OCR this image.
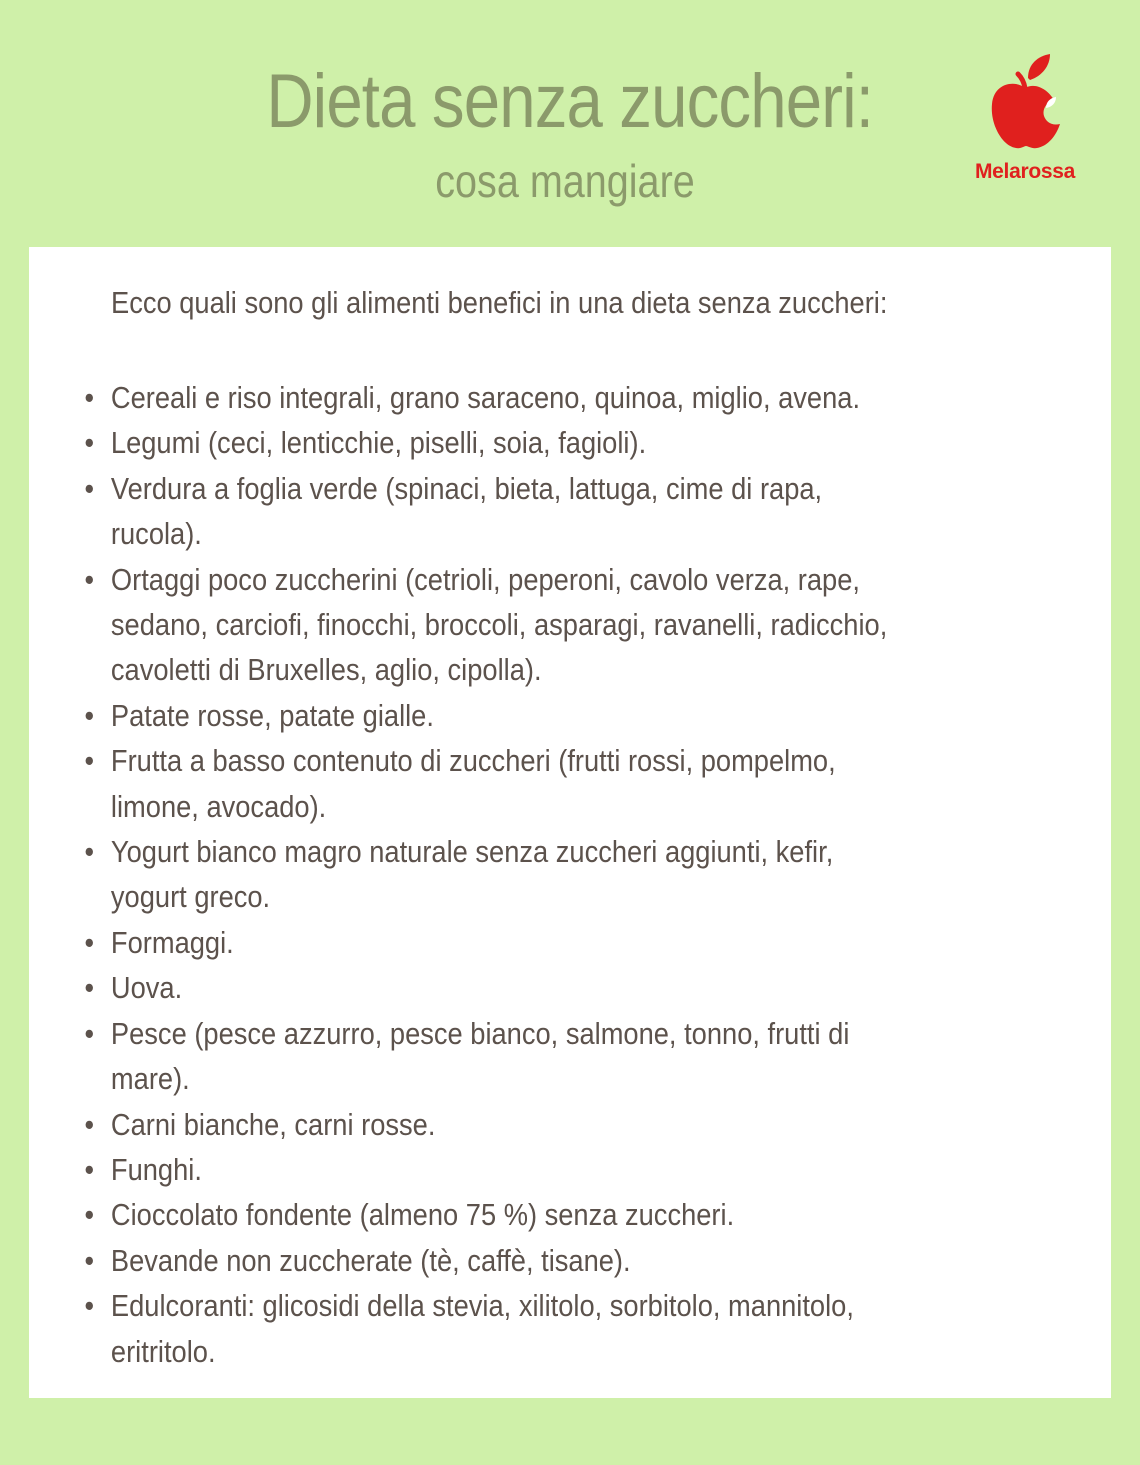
Dieta senza zuccheri:
cosa mangiare	Melarossa
Ecco quali sono gli alimenti benefici in una dieta senza zuccheri:
• Cereali e riso integrali, grano saraceno, quinoa, miglio, avena.
• Legumi (ceci, lenticchie, piselli, soia, fagioli).
• Verdura a foglia verde (spinaci, bieta, lattuga, cime di rapa,
rucola).
• Ortaggi poco zuccherini (cetrioli, peperoni, cavolo verza, rape,
sedano, carciofi, finocchi, broccoli, asparagi, ravanelli, radicchio,
cavoletti di Bruxelles, aglio, cipolla).
• Patate rosse, patate gialle.
• Frutta a basso contenuto di zuccheri (frutti rossi, pompelmo,
limone, avocado).
• Yogurt bianco magro naturale senza zuccheri aggiunti, kefir,
yogurt greco.
• Formaggi.
• Uova.
• Pesce (pesce azzurro, pesce bianco, salmone, tonno, frutti di
mare).
• Carni bianche, carni rosse.
• Funghi.
• Cioccolato fondente (almeno 75 %) senza zuccheri.
• Bevande non zuccherate (tè, caffè, tisane).
• Edulcoranti: glicosidi della stevia, xilitolo, sorbitolo, mannitolo,
eritritolo.
